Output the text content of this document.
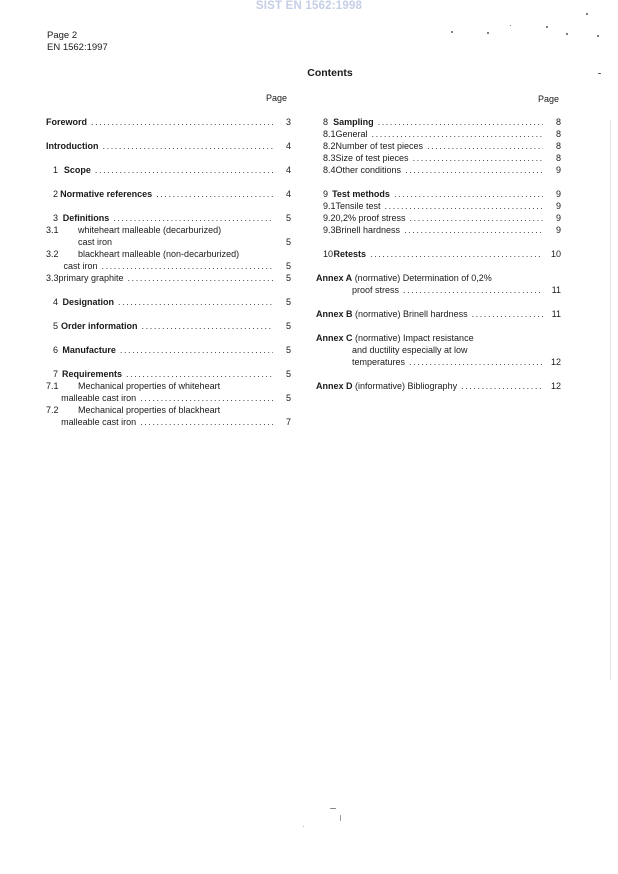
SIST EN 1562:1998
Page 2
EN 1562:1997
Contents
Page	Page
Foreword .....	3
Introduction .....	4
1 Scope .....	4
2 Normative references .....	4
3 Definitions .....	5
3.1	whiteheart malleable (decarburized)
cast iron	5
3.2	blackheart malleable (non-decarburized)
cast iron .....	5
3.3 primary graphite .....	5
4 Designation .....	5
5 Order information .....	5
6 Manufacture .....	5
7 Requirements .....	5
7.1	Mechanical properties of whiteheart
malleable cast iron .....	5
7.2	Mechanical properties of blackheart
malleable cast iron .....	7
8 Sampling .....	8
8.1 General .....	8
8.2 Number of test pieces .....	8
8.3 Size of test pieces .....	8
8.4 Other conditions .....	9
9 Test methods .....	9
9.1 Tensile test .....	9
9.2 0,2% proof stress .....	9
9.3 Brinell hardness .....	9
10 Retests .....	10
Annex A
(normative) Determination of 0,2%
proof stress .....	11
Annex B
(normative) Brinell hardness .....	11
Annex C
(normative) Impact resistance
and ductility especially at low
temperatures .....	12
Annex D
(informative) Bibliography .....	12
